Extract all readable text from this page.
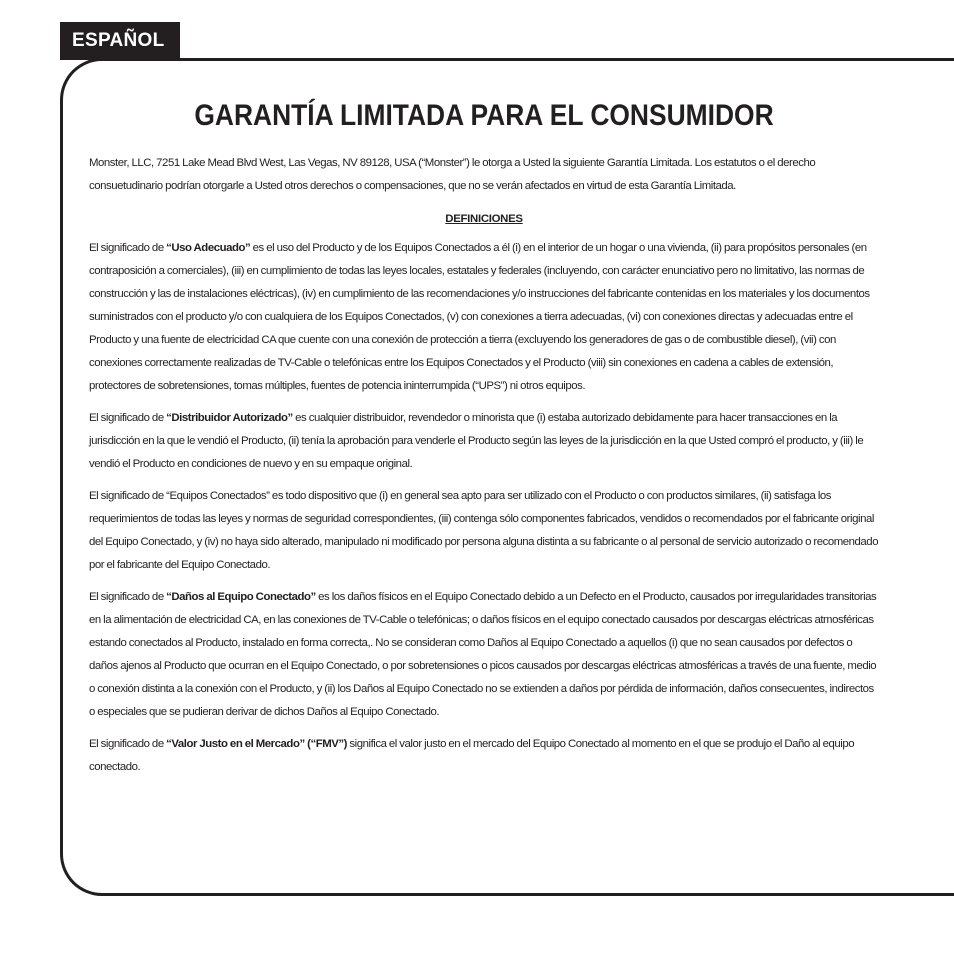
ESPAÑOL
GARANTÍA LIMITADA PARA EL CONSUMIDOR

Monster, LLC, 7251 Lake Mead Blvd West, Las Vegas, NV 89128, USA (“Monster”) le otorga a Usted la siguiente Garantía Limitada. Los estatutos o el derecho consuetudinario podrían otorgarle a Usted otros derechos o compensaciones, que no se verán afectados en virtud de esta Garantía Limitada.

DEFINICIONES

El significado de “Uso Adecuado” es el uso del Producto y de los Equipos Conectados a él (i) en el interior de un hogar o una vivienda, (ii) para propósitos personales (en contraposición a comerciales), (iii) en cumplimiento de todas las leyes locales, estatales y federales (incluyendo, con carácter enunciativo pero no limitativo, las normas de construcción y las de instalaciones eléctricas), (iv) en cumplimiento de las recomendaciones y/o instrucciones del fabricante contenidas en los materiales y los documentos suministrados con el producto y/o con cualquiera de los Equipos Conectados, (v) con conexiones a tierra adecuadas, (vi) con conexiones directas y adecuadas entre el Producto y una fuente de electricidad CA que cuente con una conexión de protección a tierra (excluyendo los generadores de gas o de combustible diesel), (vii) con conexiones correctamente realizadas de TV-Cable o telefónicas entre los Equipos Conectados y el Producto (viii) sin conexiones en cadena a cables de extensión, protectores de sobretensiones, tomas múltiples, fuentes de potencia ininterrumpida (“UPS”) ni otros equipos.

El significado de “Distribuidor Autorizado” es cualquier distribuidor, revendedor o minorista que (i) estaba autorizado debidamente para hacer transacciones en la jurisdicción en la que le vendió el Producto, (ii) tenía la aprobación para venderle el Producto según las leyes de la jurisdicción en la que Usted compró el producto, y (iii) le vendió el Producto en condiciones de nuevo y en su empaque original.

El significado de “Equipos Conectados” es todo dispositivo que (i) en general sea apto para ser utilizado con el Producto o con productos similares, (ii) satisfaga los requerimientos de todas las leyes y normas de seguridad correspondientes, (iii) contenga sólo componentes fabricados, vendidos o recomendados por el fabricante original del Equipo Conectado, y (iv) no haya sido alterado, manipulado ni modificado por persona alguna distinta a su fabricante o al personal de servicio autorizado o recomendado por el fabricante del Equipo Conectado.

El significado de “Daños al Equipo Conectado” es los daños físicos en el Equipo Conectado debido a un Defecto en el Producto, causados por irregularidades transitorias en la alimentación de electricidad CA, en las conexiones de TV-Cable o telefónicas; o daños físicos en el equipo conectado causados por descargas eléctricas atmosféricas estando conectados al Producto, instalado en forma correcta,. No se consideran como Daños al Equipo Conectado a aquellos (i) que no sean causados por defectos o daños ajenos al Producto que ocurran en el Equipo Conectado, o por sobretensiones o picos causados por descargas eléctricas atmosféricas a través de una fuente, medio o conexión distinta a la conexión con el Producto, y (ii) los Daños al Equipo Conectado no se extienden a daños por pérdida de información, daños consecuentes, indirectos o especiales que se pudieran derivar de dichos Daños al Equipo Conectado.

El significado de “Valor Justo en el Mercado” (“FMV”) significa el valor justo en el mercado del Equipo Conectado al momento en el que se produjo el Daño al equipo conectado.
